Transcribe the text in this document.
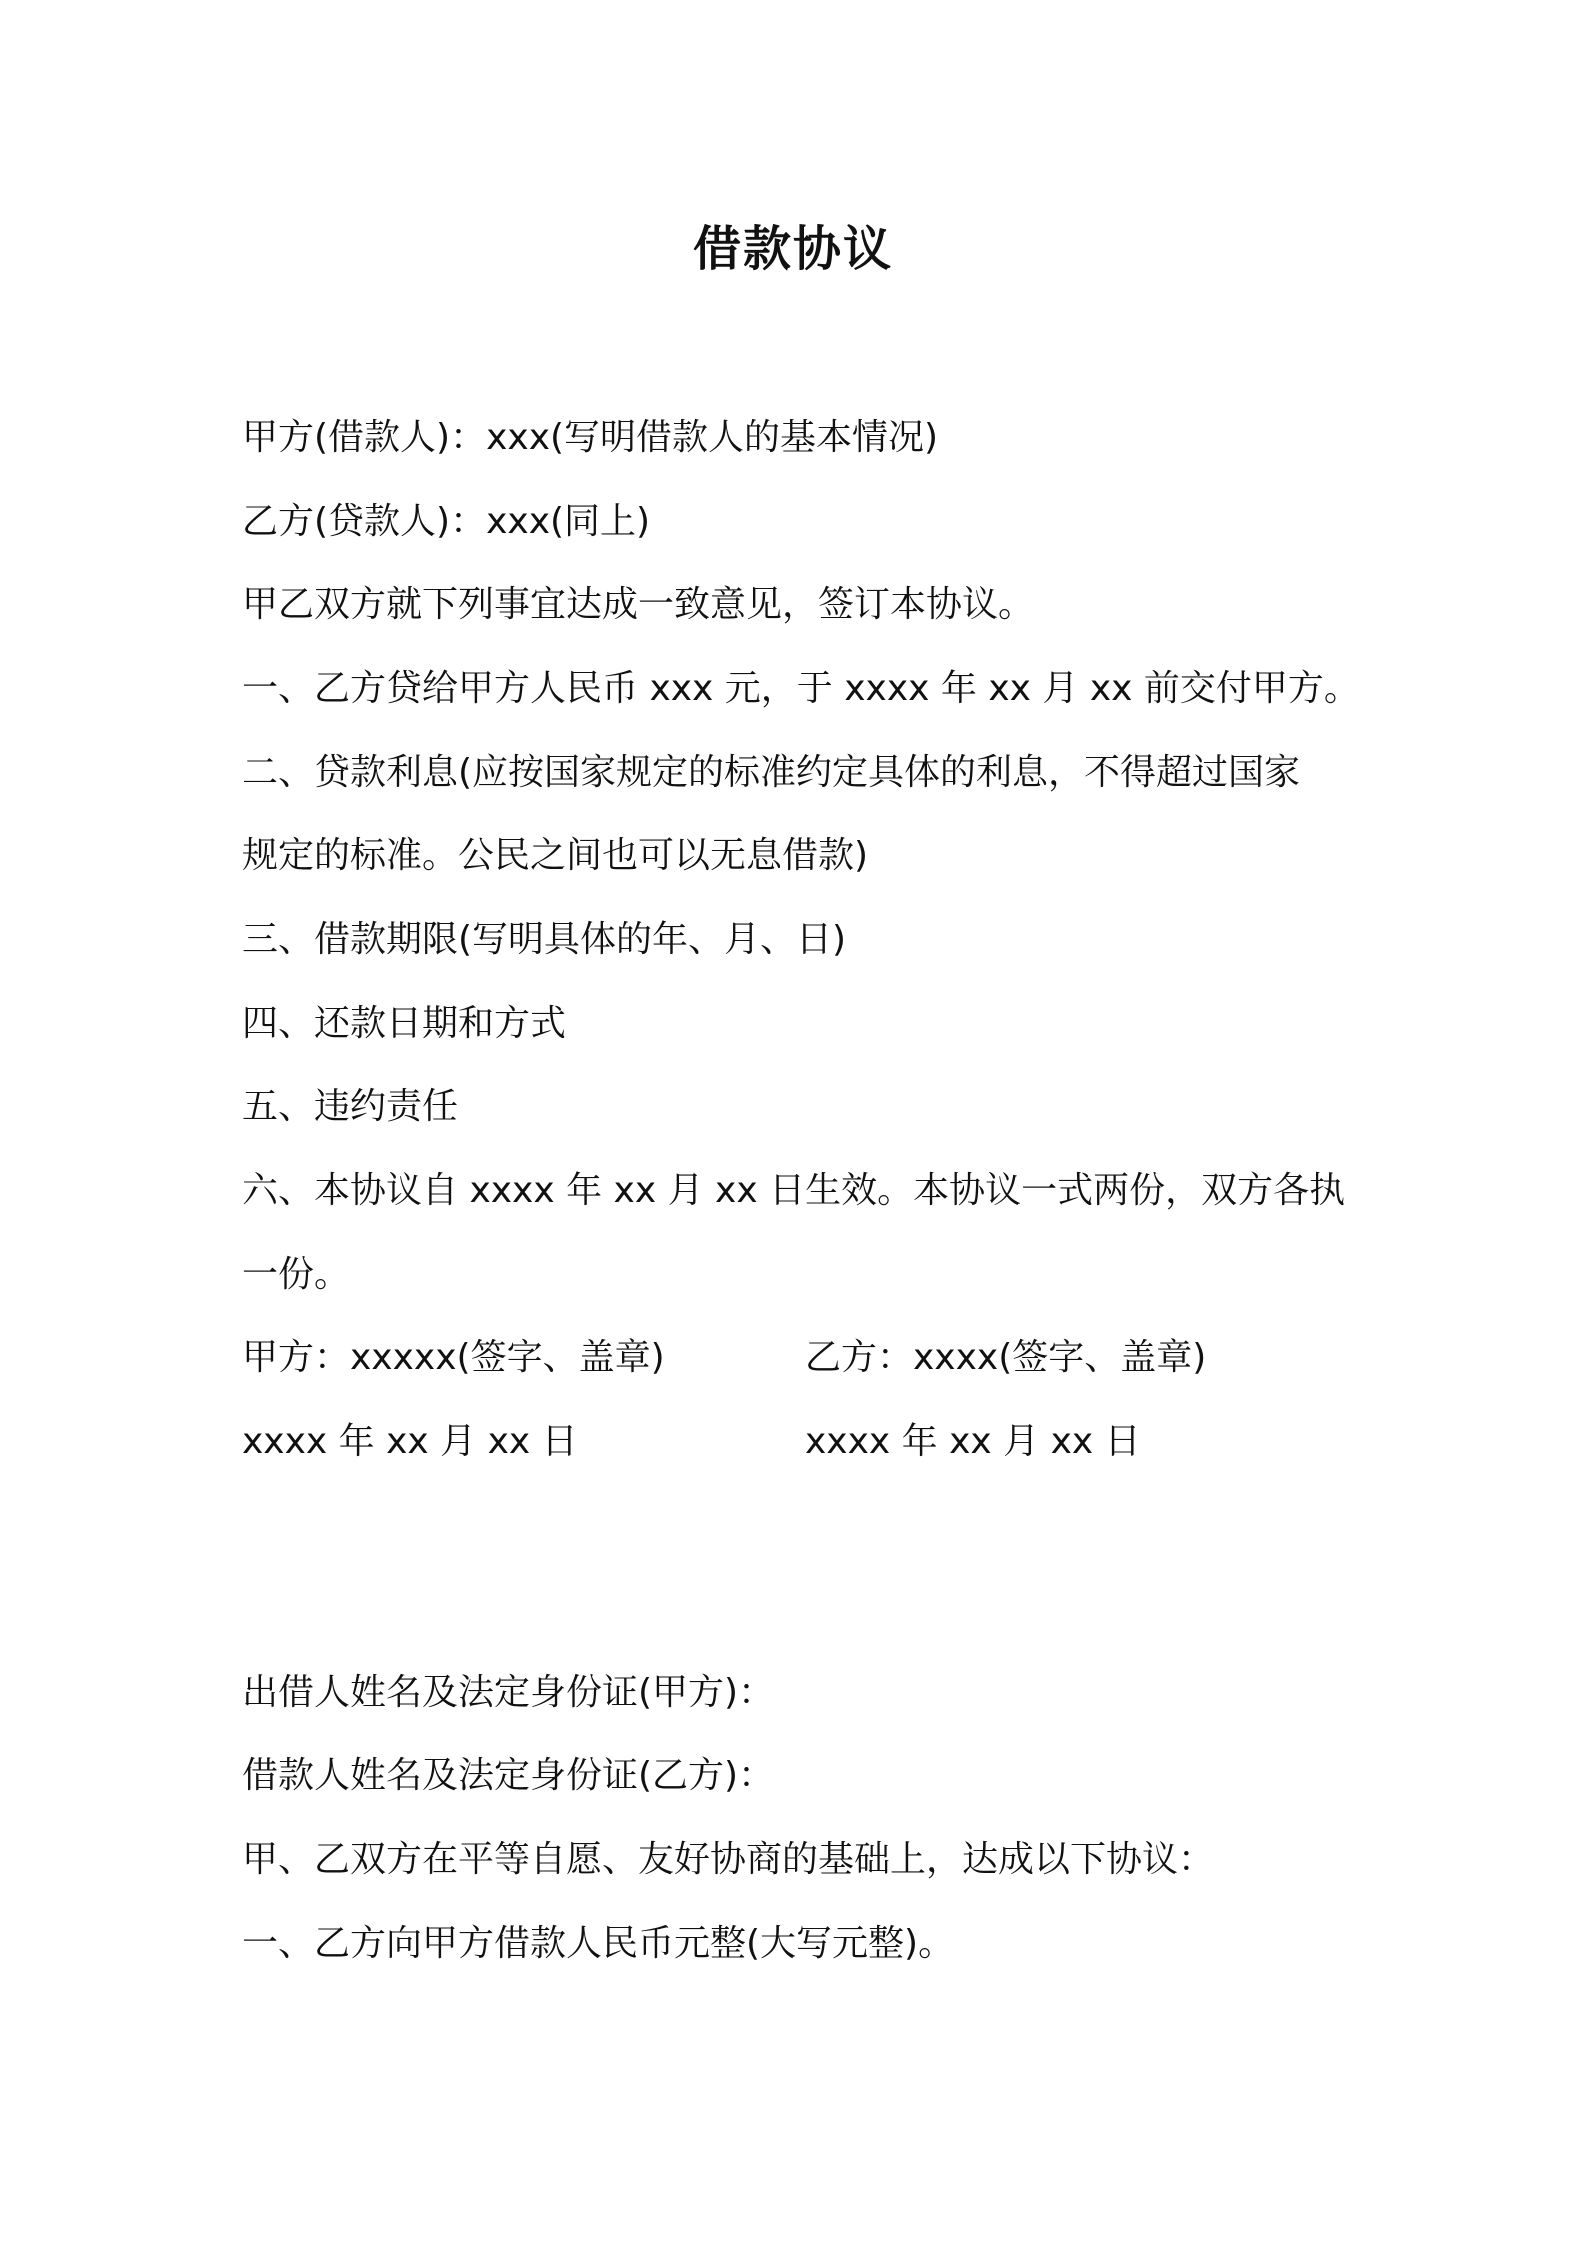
借款协议
甲方(借款人)：xxx(写明借款人的基本情况)
乙方(贷款人)：xxx(同上)
甲乙双方就下列事宜达成一致意见，签订本协议。
一、乙方贷给甲方人民币 xxx 元，于 xxxx 年 xx 月 xx 前交付甲方。
二、贷款利息(应按国家规定的标准约定具体的利息，不得超过国家
规定的标准。公民之间也可以无息借款)
三、借款期限(写明具体的年、月、日)
四、还款日期和方式
五、违约责任
六、本协议自 xxxx 年 xx 月 xx 日生效。本协议一式两份，双方各执
一份。
甲方：xxxxx(签字、盖章)	乙方：xxxx(签字、盖章)
xxxx 年 xx 月 xx 日	xxxx 年 xx 月 xx 日
出借人姓名及法定身份证(甲方)：
借款人姓名及法定身份证(乙方)：
甲、乙双方在平等自愿、友好协商的基础上，达成以下协议：
一、乙方向甲方借款人民币元整(大写元整)。
